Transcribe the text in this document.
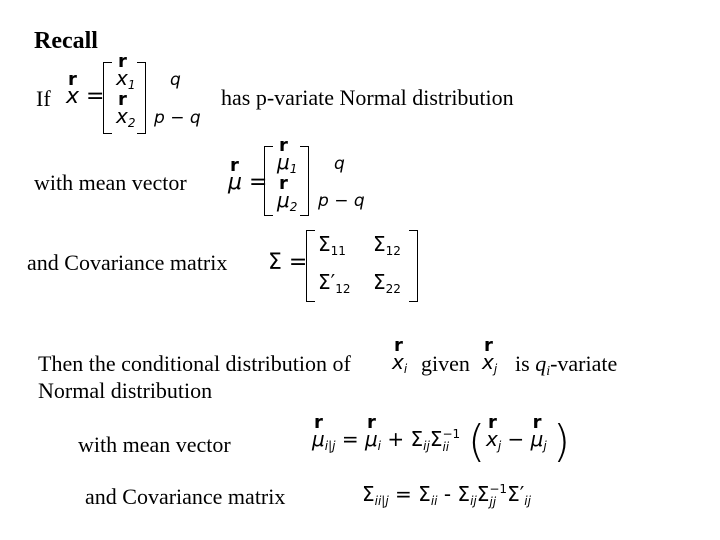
Recall
If r x =
r $x_1$
r $x_2$
q
p − q
has p-variate Normal distribution
with mean vector r μ =
r $\mu_1$
r $\mu_2$
q
p − q
and Covariance matrix Σ =
$\Sigma_{11}$ $\Sigma_{12}$
$\Sigma'_{12}$ $\Sigma_{22}$
Then the conditional distribution of r $x_i$ given r $x_j$ is qi-variate
Normal distribution
with mean vector	r $\mu_{i|j} = r$ $\mu_i + \Sigma_{ij}\Sigma -1$
ii ( r $x_j - r$ $\mu_j$ )
and Covariance matrix	$\Sigma_{ii|j} = \Sigma_{ii} - \Sigma_{ij}\Sigma -1$
jj $\Sigma'_{ij}$
